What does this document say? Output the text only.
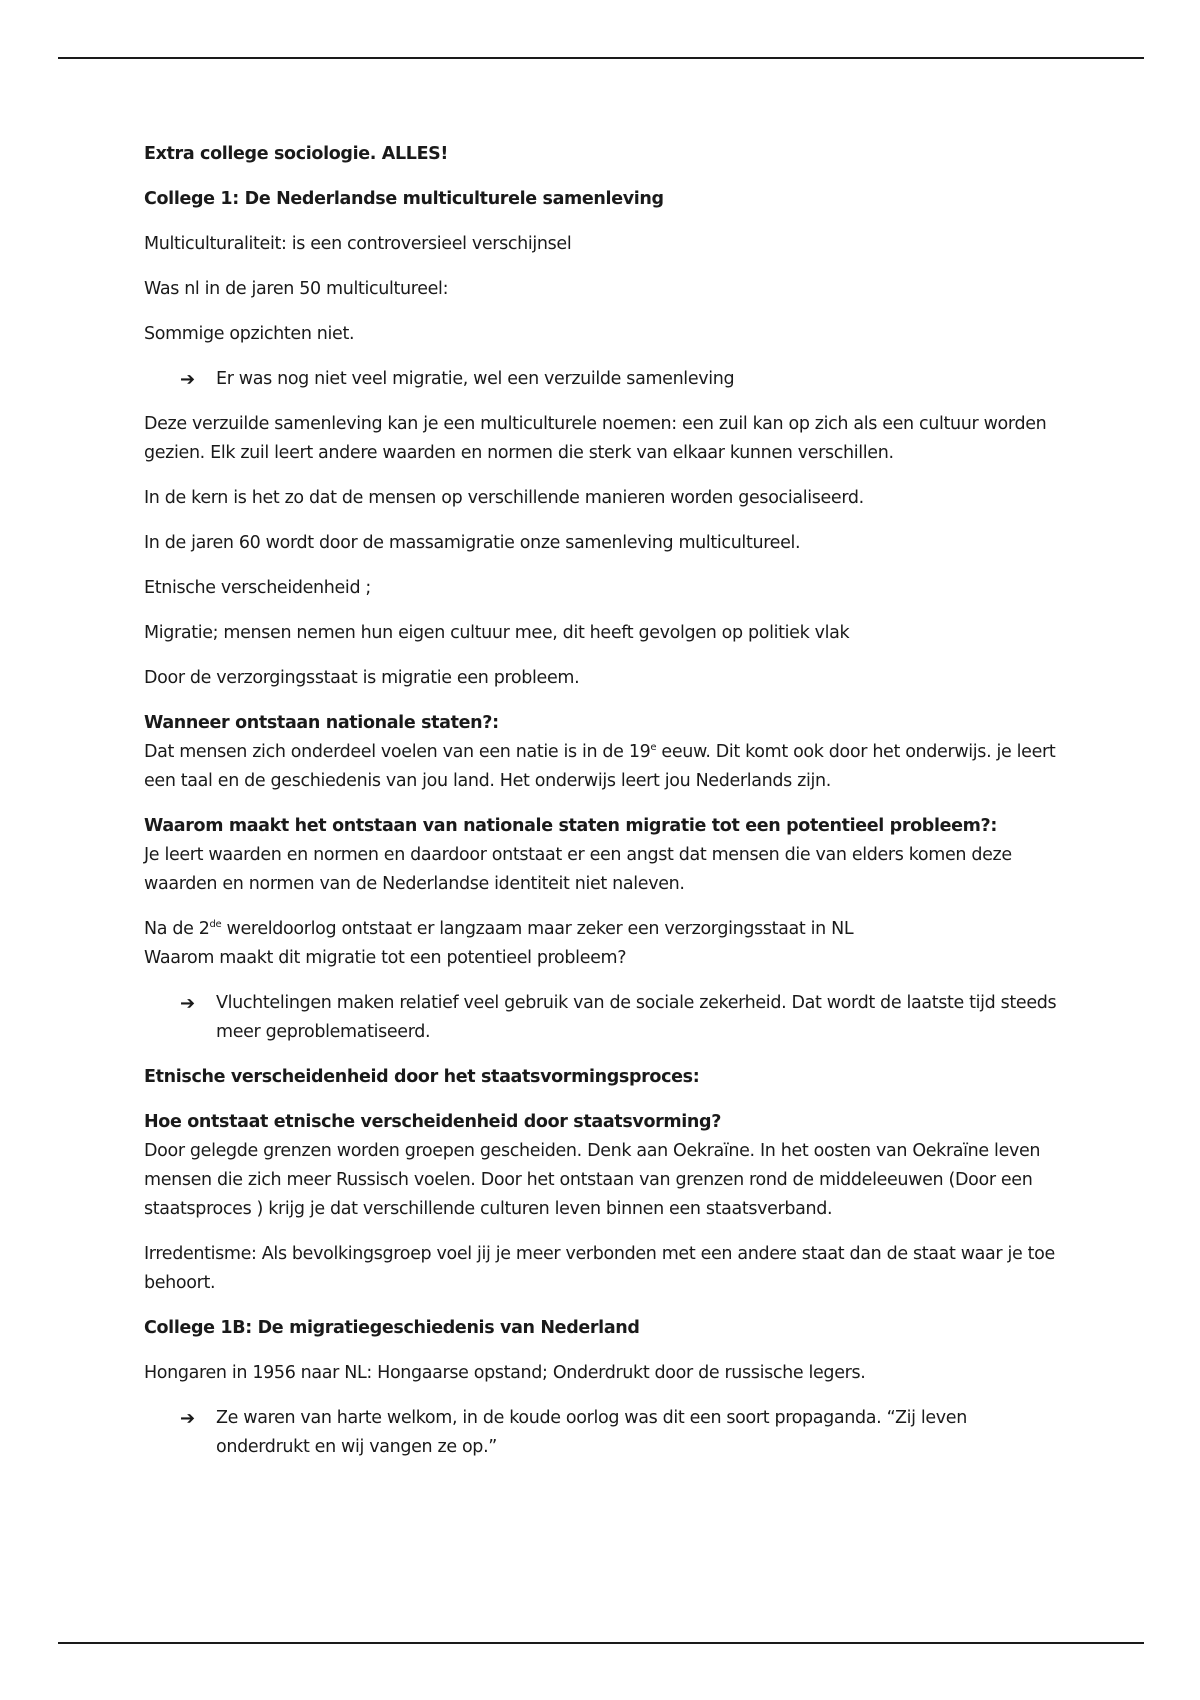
Extra college sociologie. ALLES!

College 1: De Nederlandse multiculturele samenleving

Multiculturaliteit: is een controversieel verschijnsel

Was nl in de jaren 50 multicultureel:

Sommige opzichten niet.

➔	Er was nog niet veel migratie, wel een verzuilde samenleving

Deze verzuilde samenleving kan je een multiculturele noemen: een zuil kan op zich als een cultuur worden gezien. Elk zuil leert andere waarden en normen die sterk van elkaar kunnen verschillen.

In de kern is het zo dat de mensen op verschillende manieren worden gesocialiseerd.

In de jaren 60 wordt door de massamigratie onze samenleving multicultureel.

Etnische verscheidenheid ;

Migratie; mensen nemen hun eigen cultuur mee, dit heeft gevolgen op politiek vlak

Door de verzorgingsstaat is migratie een probleem.

Wanneer ontstaan nationale staten?:

Dat mensen zich onderdeel voelen van een natie is in de 19e eeuw. Dit komt ook door het onderwijs. je leert een taal en de geschiedenis van jou land. Het onderwijs leert jou Nederlands zijn.

Waarom maakt het ontstaan van nationale staten migratie tot een potentieel probleem?:

Je leert waarden en normen en daardoor ontstaat er een angst dat mensen die van elders komen deze waarden en normen van de Nederlandse identiteit niet naleven.

Na de 2de wereldoorlog ontstaat er langzaam maar zeker een verzorgingsstaat in NL

Waarom maakt dit migratie tot een potentieel probleem?

➔	Vluchtelingen maken relatief veel gebruik van de sociale zekerheid. Dat wordt de laatste tijd steeds meer geproblematiseerd.

Etnische verscheidenheid door het staatsvormingsproces:

Hoe ontstaat etnische verscheidenheid door staatsvorming?

Door gelegde grenzen worden groepen gescheiden. Denk aan Oekraïne. In het oosten van Oekraïne leven mensen die zich meer Russisch voelen. Door het ontstaan van grenzen rond de middeleeuwen (Door een staatsproces ) krijg je dat verschillende culturen leven binnen een staatsverband.

Irredentisme: Als bevolkingsgroep voel jij je meer verbonden met een andere staat dan de staat waar je toe behoort.

College 1B: De migratiegeschiedenis van Nederland

Hongaren in 1956 naar NL: Hongaarse opstand; Onderdrukt door de russische legers.

➔	Ze waren van harte welkom, in de koude oorlog was dit een soort propaganda. “Zij leven onderdrukt en wij vangen ze op.”
